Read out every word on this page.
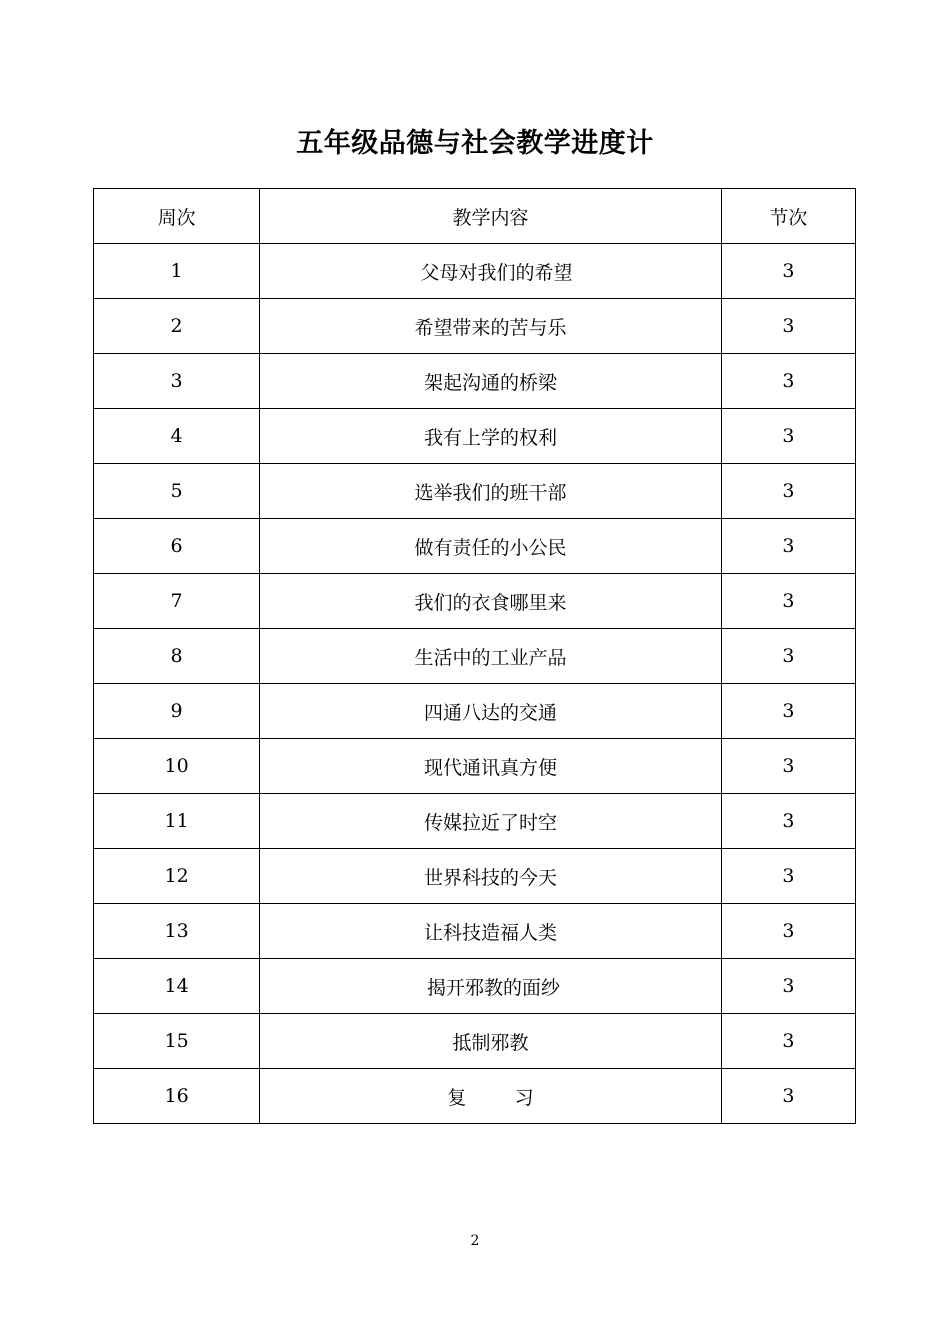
五年级品德与社会教学进度计
周次	教学内容	节次
1	父母对我们的希望	3
2	希望带来的苦与乐	3
3	架起沟通的桥梁	3
4	我有上学的权利	3
5	选举我们的班干部	3
6	做有责任的小公民	3
7	我们的衣食哪里来	3
8	生活中的工业产品	3
9	四通八达的交通	3
10	现代通讯真方便	3
11	传媒拉近了时空	3
12	世界科技的今天	3
13	让科技造福人类	3
14	揭开邪教的面纱	3
15	抵制邪教	3
16	复        习	3
2
